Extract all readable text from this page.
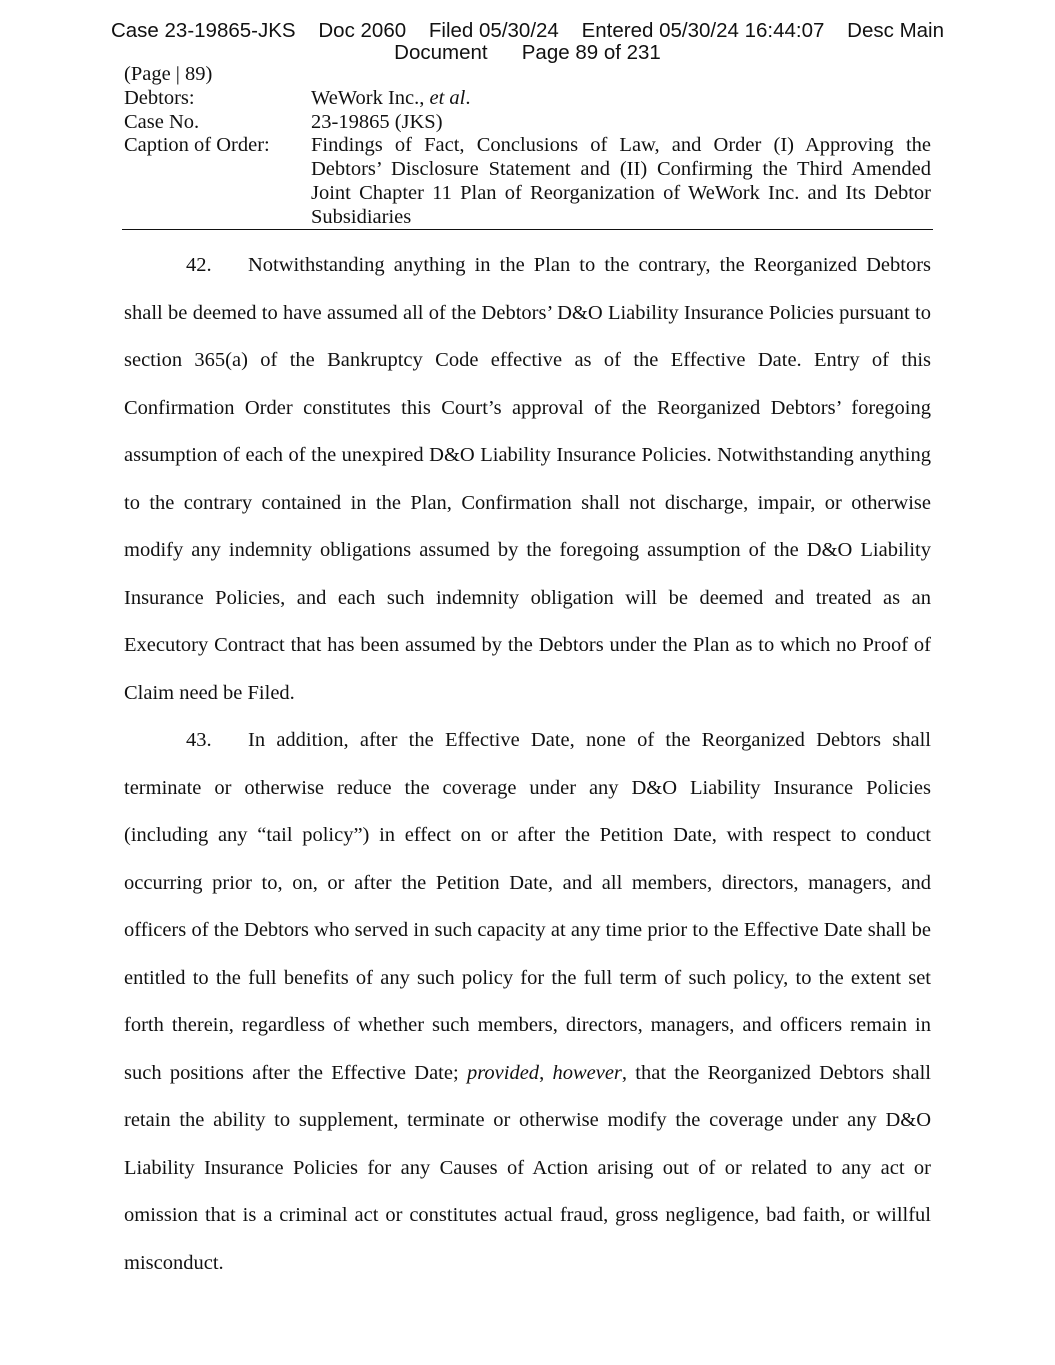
Case 23-19865-JKS    Doc 2060    Filed 05/30/24    Entered 05/30/24 16:44:07    Desc Main
Document      Page 89 of 231
(Page | 89)

Debtors:	WeWork Inc., et al.
Case No.	23-19865 (JKS)
Caption of Order: Findings of Fact, Conclusions of Law, and Order (I) Approving the Debtors’ Disclosure Statement and (II) Confirming the Third Amended Joint Chapter 11 Plan of Reorganization of WeWork Inc. and Its Debtor Subsidiaries

42. Notwithstanding anything in the Plan to the contrary, the Reorganized Debtors shall be deemed to have assumed all of the Debtors’ D&O Liability Insurance Policies pursuant to section 365(a) of the Bankruptcy Code effective as of the Effective Date. Entry of this Confirmation Order constitutes this Court’s approval of the Reorganized Debtors’ foregoing assumption of each of the unexpired D&O Liability Insurance Policies. Notwithstanding anything to the contrary contained in the Plan, Confirmation shall not discharge, impair, or otherwise modify any indemnity obligations assumed by the foregoing assumption of the D&O Liability Insurance Policies, and each such indemnity obligation will be deemed and treated as an Executory Contract that has been assumed by the Debtors under the Plan as to which no Proof of Claim need be Filed.

43. In addition, after the Effective Date, none of the Reorganized Debtors shall terminate or otherwise reduce the coverage under any D&O Liability Insurance Policies (including any “tail policy”) in effect on or after the Petition Date, with respect to conduct occurring prior to, on, or after the Petition Date, and all members, directors, managers, and officers of the Debtors who served in such capacity at any time prior to the Effective Date shall be entitled to the full benefits of any such policy for the full term of such policy, to the extent set forth therein, regardless of whether such members, directors, managers, and officers remain in such positions after the Effective Date; provided, however, that the Reorganized Debtors shall retain the ability to supplement, terminate or otherwise modify the coverage under any D&O Liability Insurance Policies for any Causes of Action arising out of or related to any act or omission that is a criminal act or constitutes actual fraud, gross negligence, bad faith, or willful misconduct.
